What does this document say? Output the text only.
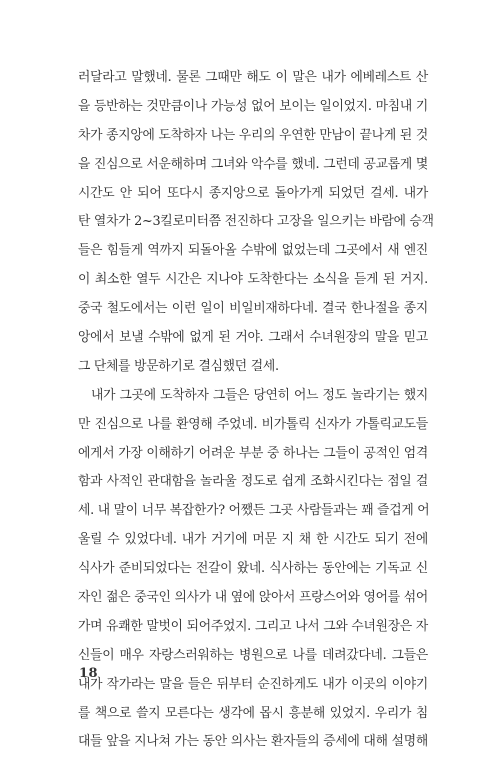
러달라고 말했네. 물론 그때만 해도 이 말은 내가 에베레스트 산
을 등반하는 것만큼이나 가능성 없어 보이는 일이었지. 마침내 기
차가 종지앙에 도착하자 나는 우리의 우연한 만남이 끝나게 된 것
을 진심으로 서운해하며 그녀와 악수를 했네. 그런데 공교롭게 몇
시간도 안 되어 또다시 종지앙으로 돌아가게 되었던 걸세. 내가
탄 열차가 2~3킬로미터쯤 전진하다 고장을 일으키는 바람에 승객
들은 힘들게 역까지 되돌아올 수밖에 없었는데 그곳에서 새 엔진
이 최소한 열두 시간은 지나야 도착한다는 소식을 듣게 된 거지.
중국 철도에서는 이런 일이 비일비재하다네. 결국 한나절을 종지
앙에서 보낼 수밖에 없게 된 거야. 그래서 수녀원장의 말을 믿고
그 단체를 방문하기로 결심했던 걸세.
내가 그곳에 도착하자 그들은 당연히 어느 정도 놀라기는 했지
만 진심으로 나를 환영해 주었네. 비가톨릭 신자가 가톨릭교도들
에게서 가장 이해하기 어려운 부분 중 하나는 그들이 공적인 엄격
함과 사적인 관대함을 놀라울 정도로 쉽게 조화시킨다는 점일 걸
세. 내 말이 너무 복잡한가? 어쨌든 그곳 사람들과는 꽤 즐겁게 어
울릴 수 있었다네. 내가 거기에 머문 지 채 한 시간도 되기 전에
식사가 준비되었다는 전갈이 왔네. 식사하는 동안에는 기독교 신
자인 젊은 중국인 의사가 내 옆에 앉아서 프랑스어와 영어를 섞어
가며 유쾌한 말벗이 되어주었지. 그리고 나서 그와 수녀원장은 자
신들이 매우 자랑스러워하는 병원으로 나를 데려갔다네. 그들은
내가 작가라는 말을 들은 뒤부터 순진하게도 내가 이곳의 이야기
를 책으로 쓸지 모른다는 생각에 몹시 흥분해 있었지. 우리가 침
대들 앞을 지나쳐 가는 동안 의사는 환자들의 증세에 대해 설명해
18
